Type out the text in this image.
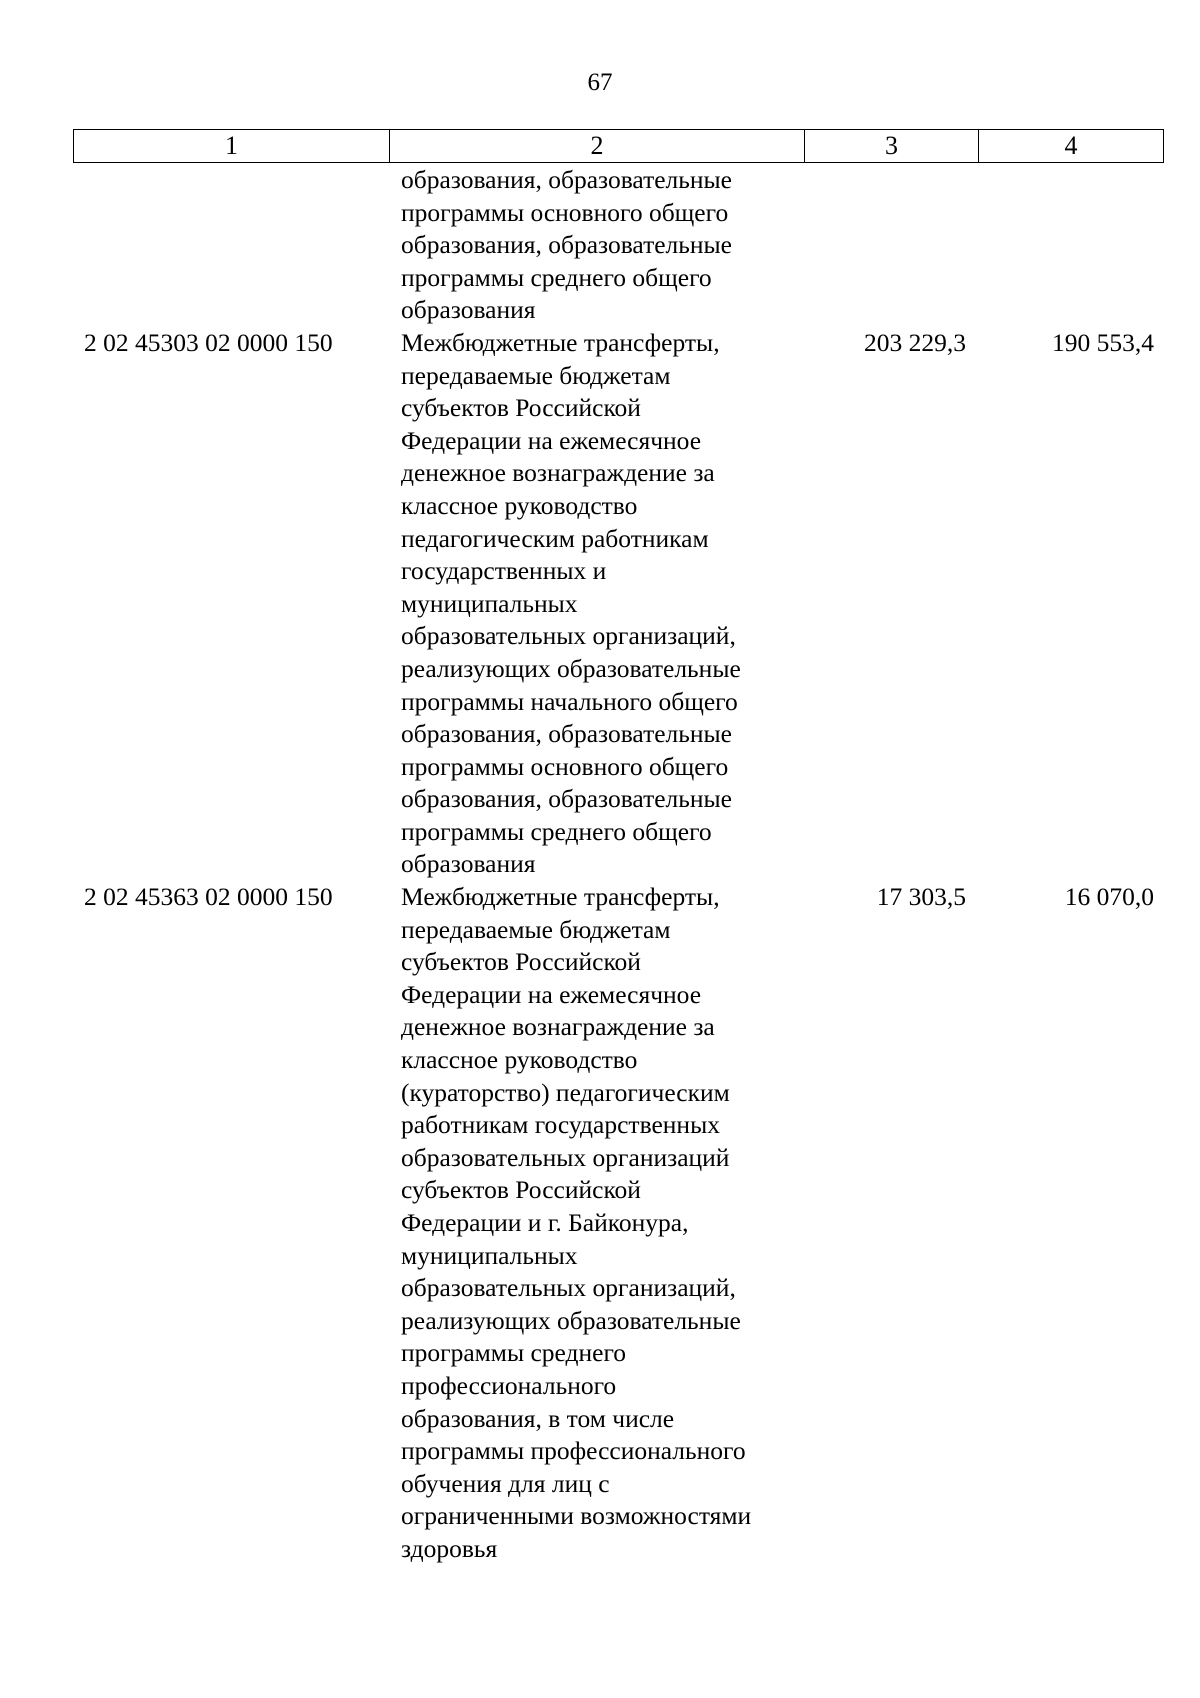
67
1	2	3	4
образования, образовательные
программы основного общего
образования, образовательные
программы среднего общего
образования
2 02 45303 02 0000 150	Межбюджетные трансферты,
передаваемые бюджетам
субъектов Российской
Федерации на ежемесячное
денежное вознаграждение за
классное руководство
педагогическим работникам
государственных и
муниципальных
образовательных организаций,
реализующих образовательные
программы начального общего
образования, образовательные
программы основного общего
образования, образовательные
программы среднего общего
образования
203 229,3	190 553,4
2 02 45363 02 0000 150	Межбюджетные трансферты,
передаваемые бюджетам
субъектов Российской
Федерации на ежемесячное
денежное вознаграждение за
классное руководство
(кураторство) педагогическим
работникам государственных
образовательных организаций
субъектов Российской
Федерации и г. Байконура,
муниципальных
образовательных организаций,
реализующих образовательные
программы среднего
профессионального
образования, в том числе
программы профессионального
обучения для лиц с
ограниченными возможностями
здоровья
17 303,5	16 070,0
